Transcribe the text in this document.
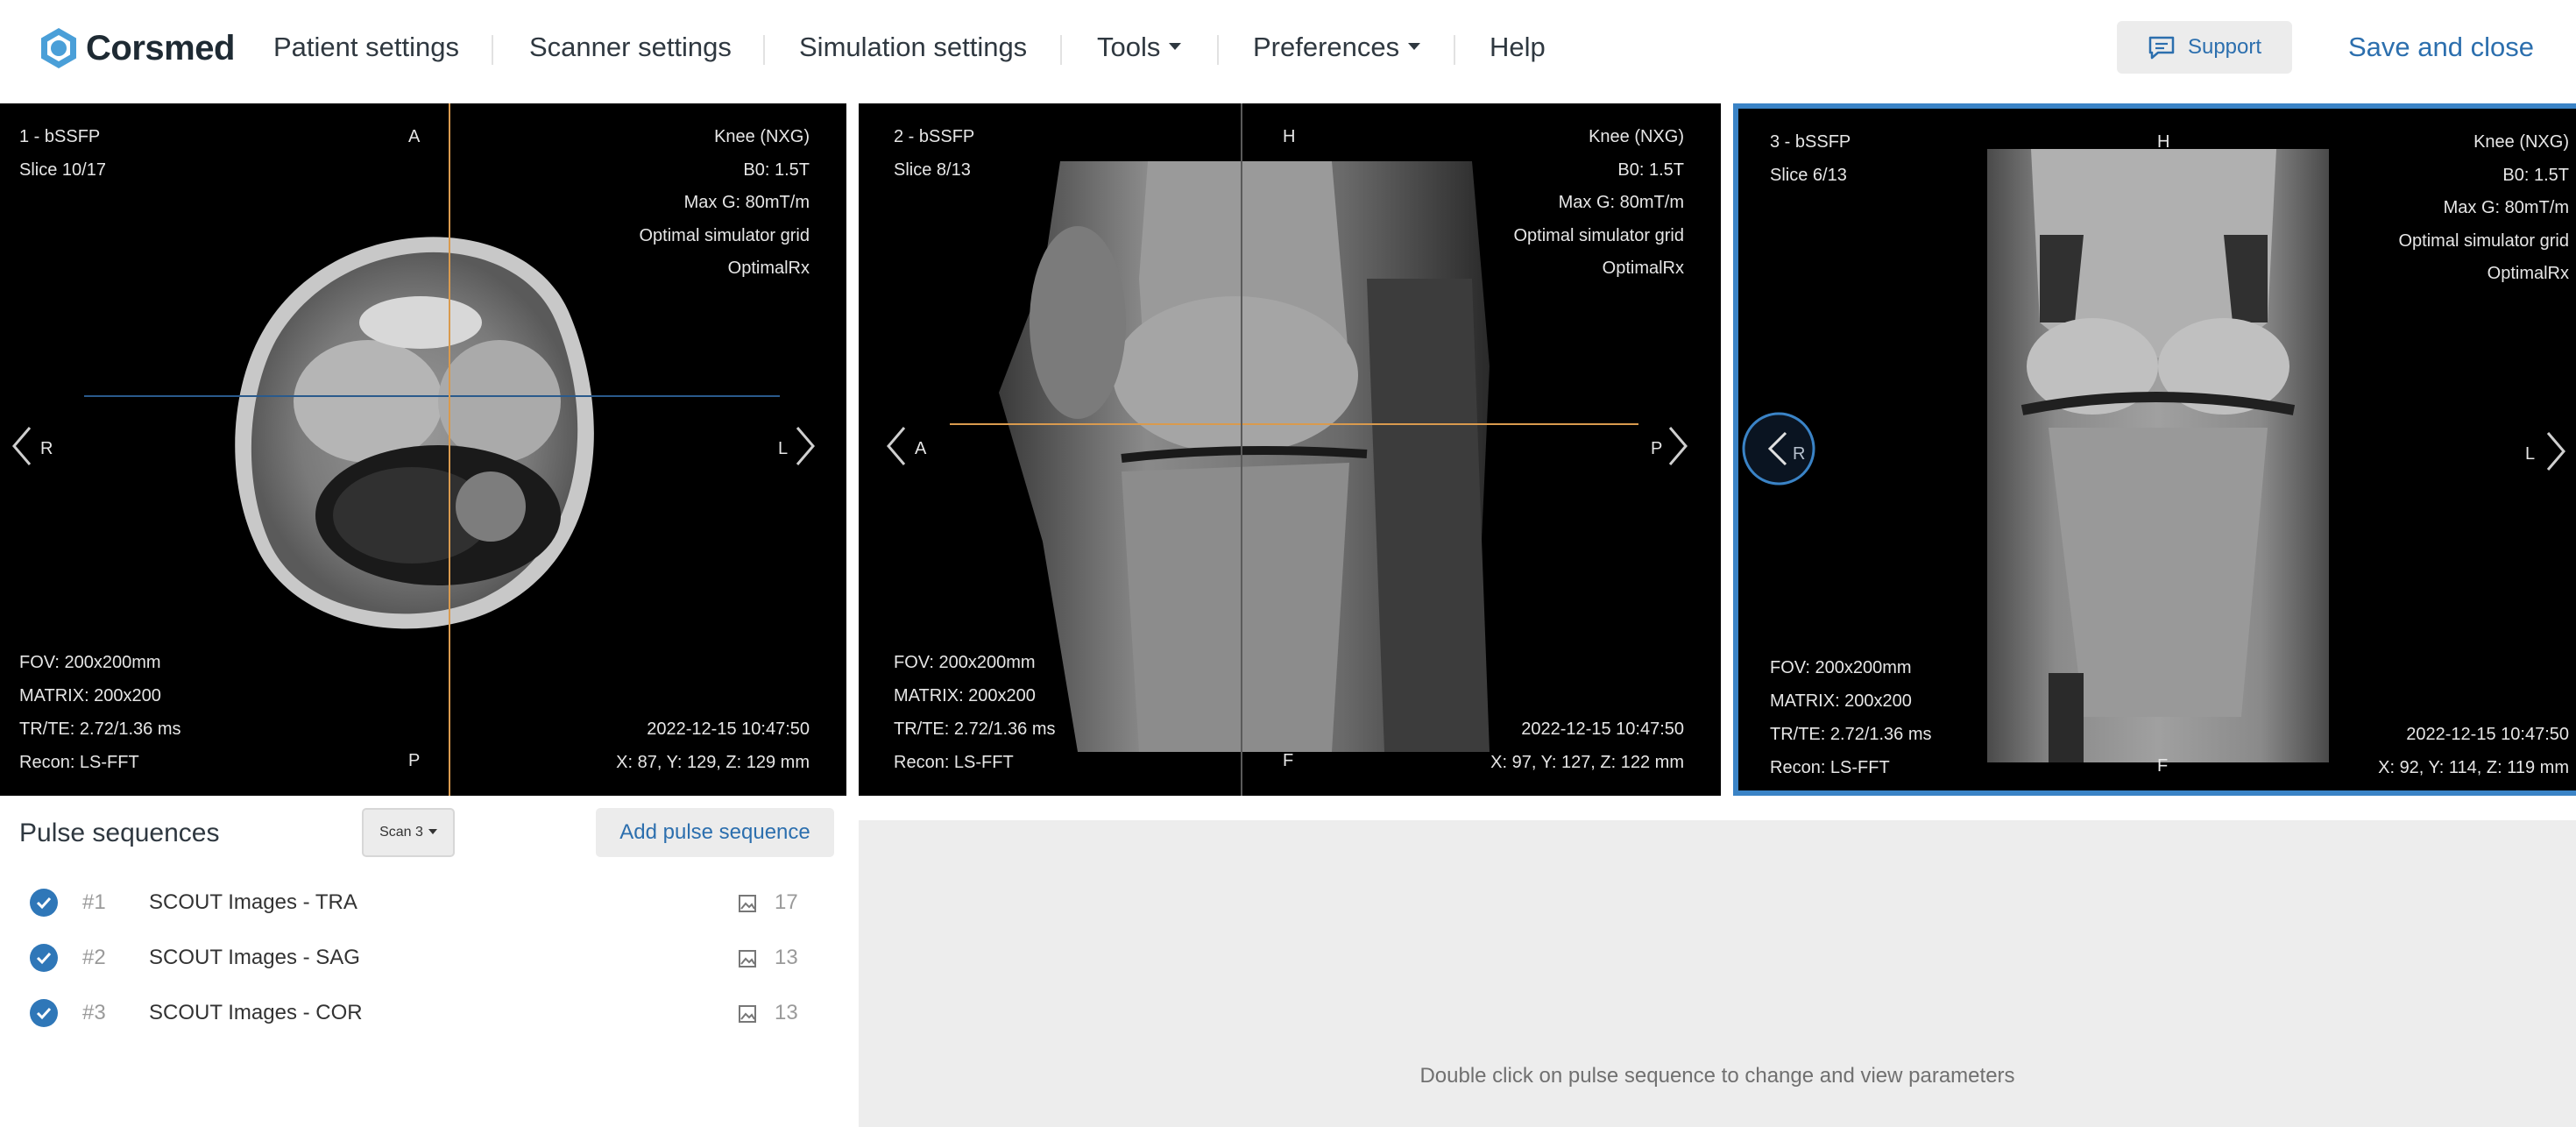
Corsmed Patient settings	Scanner settings Simulation settings	Tools	Preferences	Help	Support	Save and close
1 - bSSFP
Slice 10/17
A
P
R	L
Knee (NXG)
B0: 1.5T
Max G: 80mT/m
Optimal simulator grid
OptimalRx
FOV: 200x200mm
MATRIX: 200x200
TR/TE: 2.72/1.36 ms
Recon: LS-FFT
2022-12-15 10:47:50
X: 87, Y: 129, Z: 129 mm
2 - bSSFP
Slice 8/13
H
F
A	P
Knee (NXG)
B0: 1.5T
Max G: 80mT/m
Optimal simulator grid
OptimalRx
FOV: 200x200mm
MATRIX: 200x200
TR/TE: 2.72/1.36 ms
Recon: LS-FFT
2022-12-15 10:47:50
X: 97, Y: 127, Z: 122 mm
3 - bSSFP
Slice 6/13
H
F
L
Knee (NXG)
B0: 1.5T
Max G: 80mT/m
Optimal simulator grid
OptimalRx
FOV: 200x200mm
MATRIX: 200x200
TR/TE: 2.72/1.36 ms
Recon: LS-FFT
2022-12-15 10:47:50
X: 92, Y: 114, Z: 119 mm
Pulse sequences	Scan 3	Add pulse sequence
#1 SCOUT Images - TRA	17
#2 SCOUT Images - SAG	13
#3 SCOUT Images - COR	13
Double click on pulse sequence to change and view parameters
